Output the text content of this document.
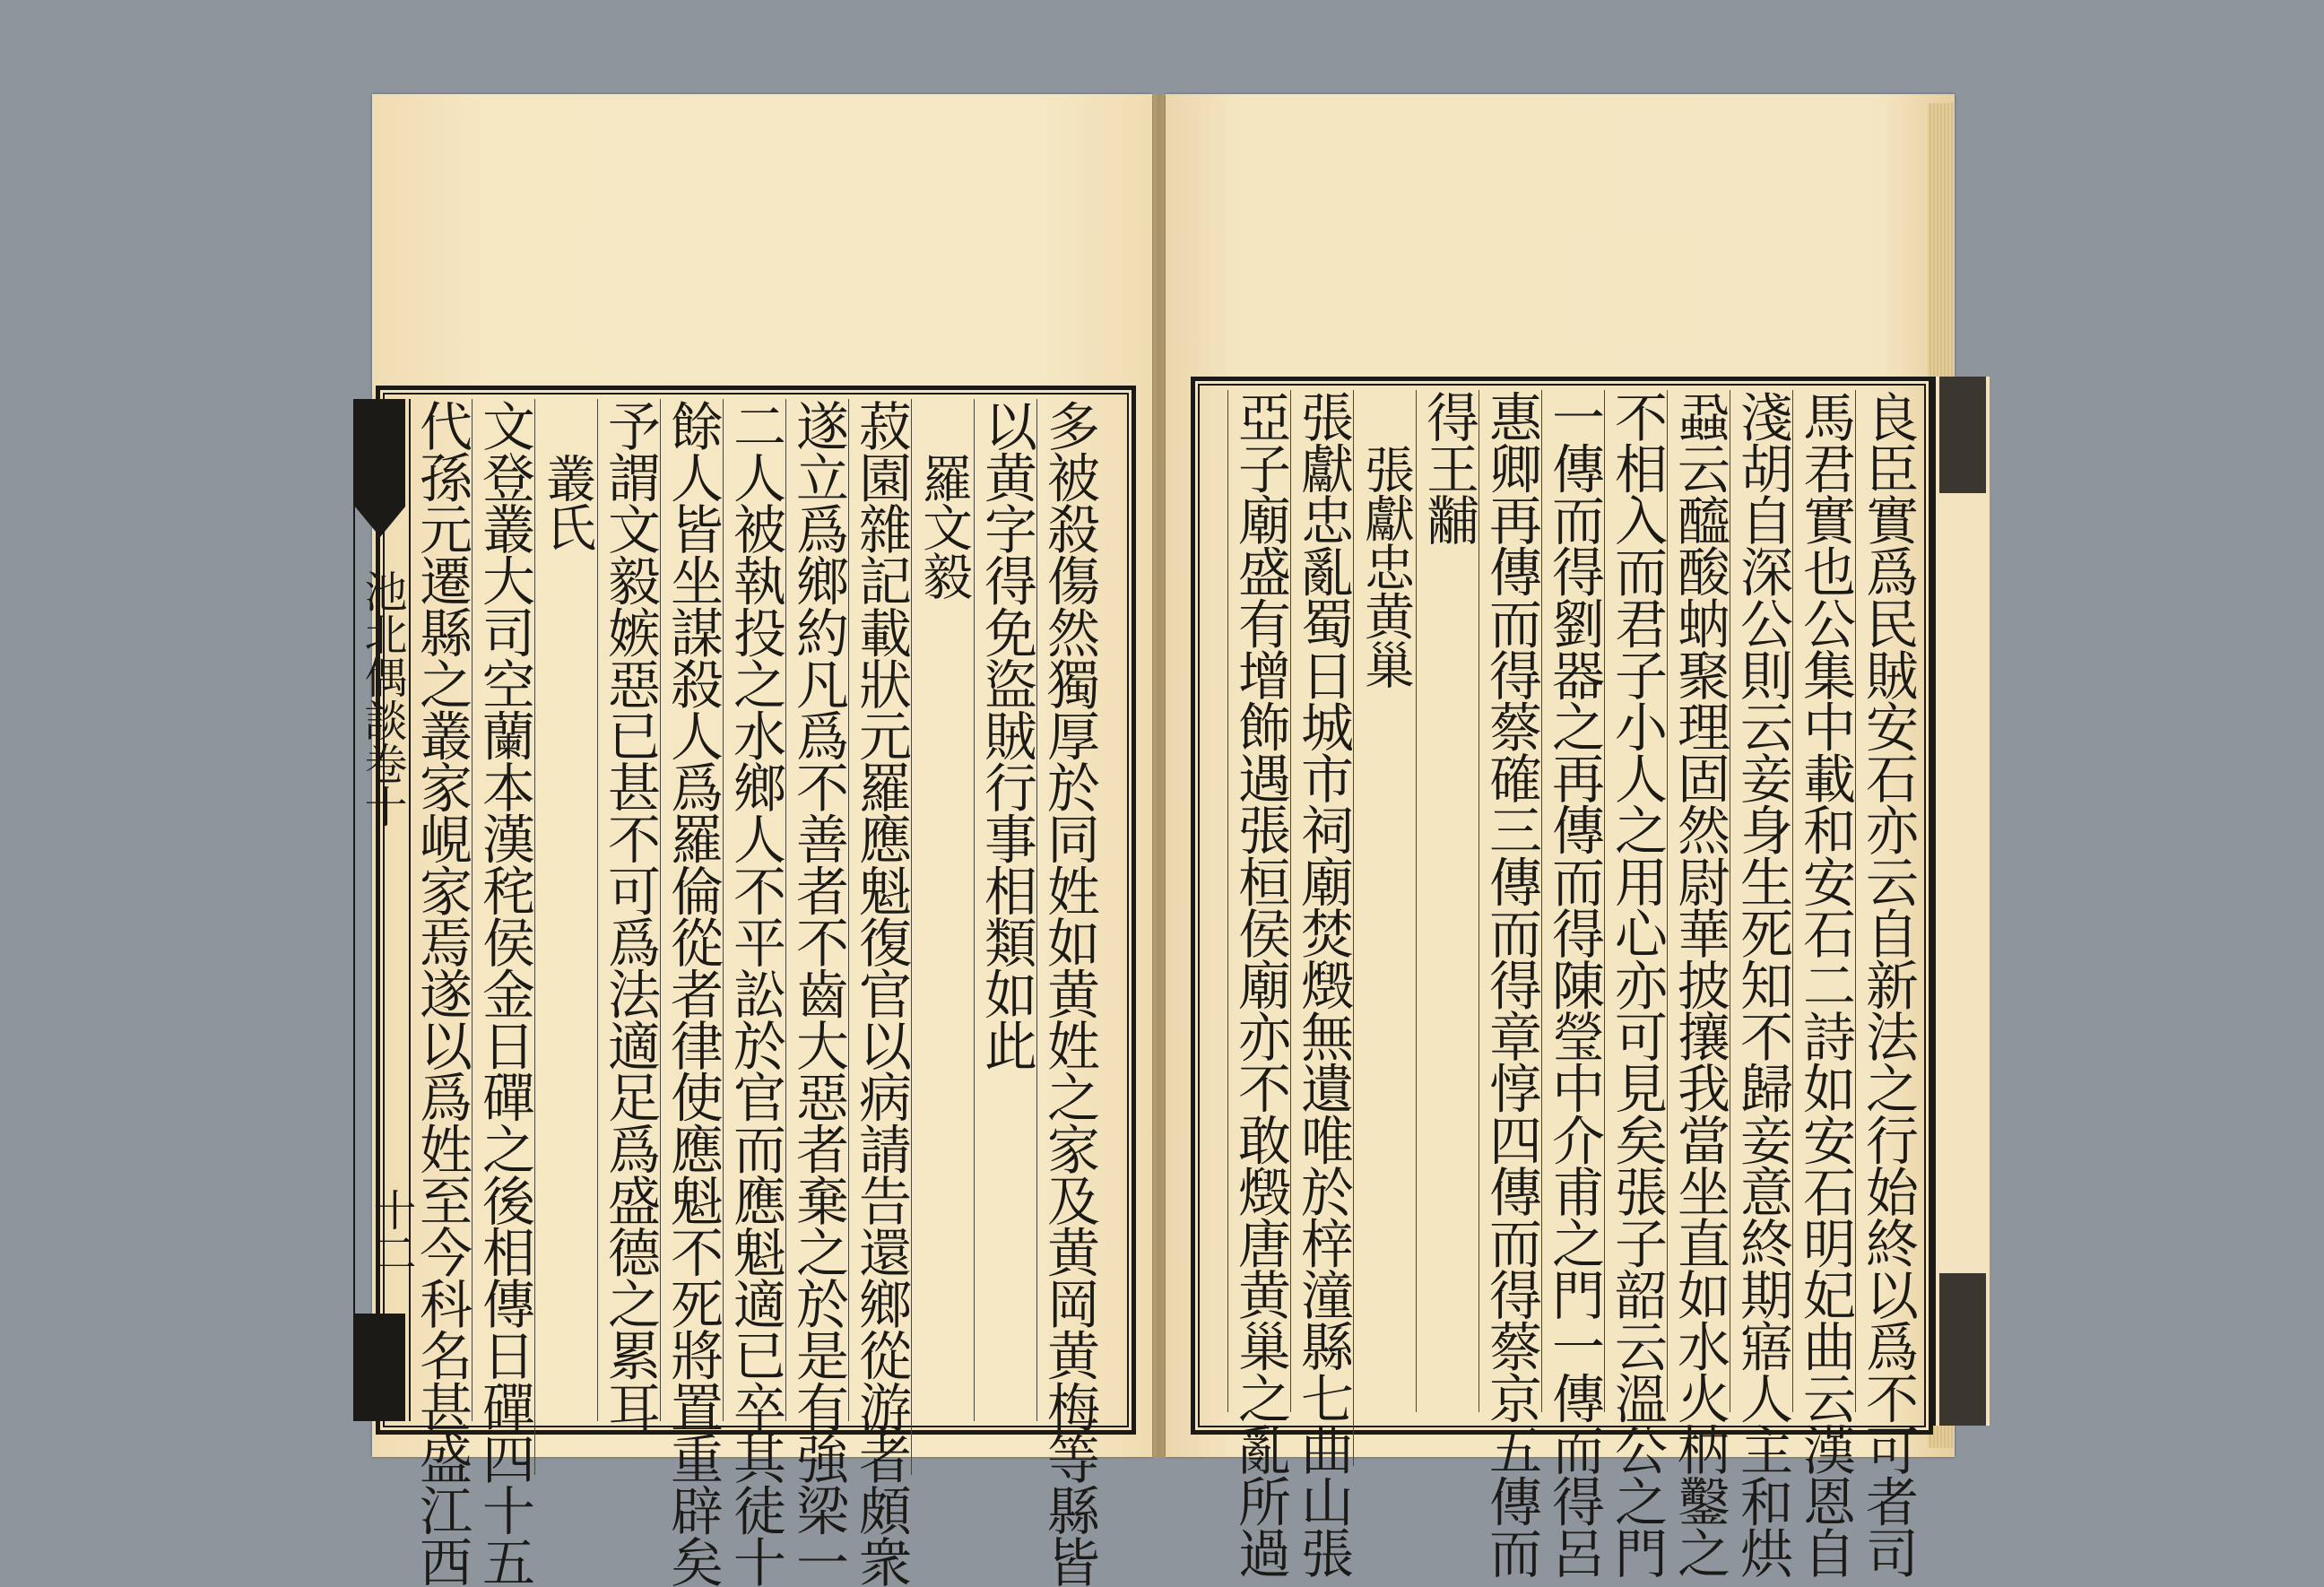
多被殺傷然獨厚於同姓如黄姓之家及黄岡黄梅等縣皆
以黄字得免盜賊行事相類如此
羅文毅
菽園雜記載狀元羅應魁復官以病請告還鄉從游者頗衆
遂立爲鄉約凡爲不善者不齒大惡者棄之於是有強梁一
二人被執投之水鄉人不平訟於官而應魁適已卒其徒十
餘人皆坐謀殺人爲羅倫從者律使應魁不死將置重辟矣
予謂文毅嫉惡已甚不可爲法適足爲盛德之累耳
叢氏
文登叢大司空蘭本漢秺侯金日磾之後相傳日磾四十五
代孫元遷縣之叢家峴家焉遂以爲姓至今科名甚盛江西
池北偶談卷十
十二	良臣實爲民賊安石亦云自新法之行始終以爲不可者司
馬君實也公集中載和安石二詩如安石明妃曲云漢恩自
淺胡自深公則云妾身生死知不歸妾意終期寤人主和烘
蝨云醯酸蚋聚理固然尉華披攘我當坐直如水火枘鑿之
不相入而君子小人之用心亦可見矣張子韶云溫公之門
一傳而得劉器之再傳而得陳瑩中介甫之門一傳而得呂
惠卿再傳而得蔡確三傳而得章惇四傳而得蔡京五傳而
得王黼
張獻忠黄巢
張獻忠亂蜀日城市祠廟焚燬無遺唯於梓潼縣七曲山張
亞子廟盛有增飾遇張桓侯廟亦不敢燬唐黄巢之亂所過
